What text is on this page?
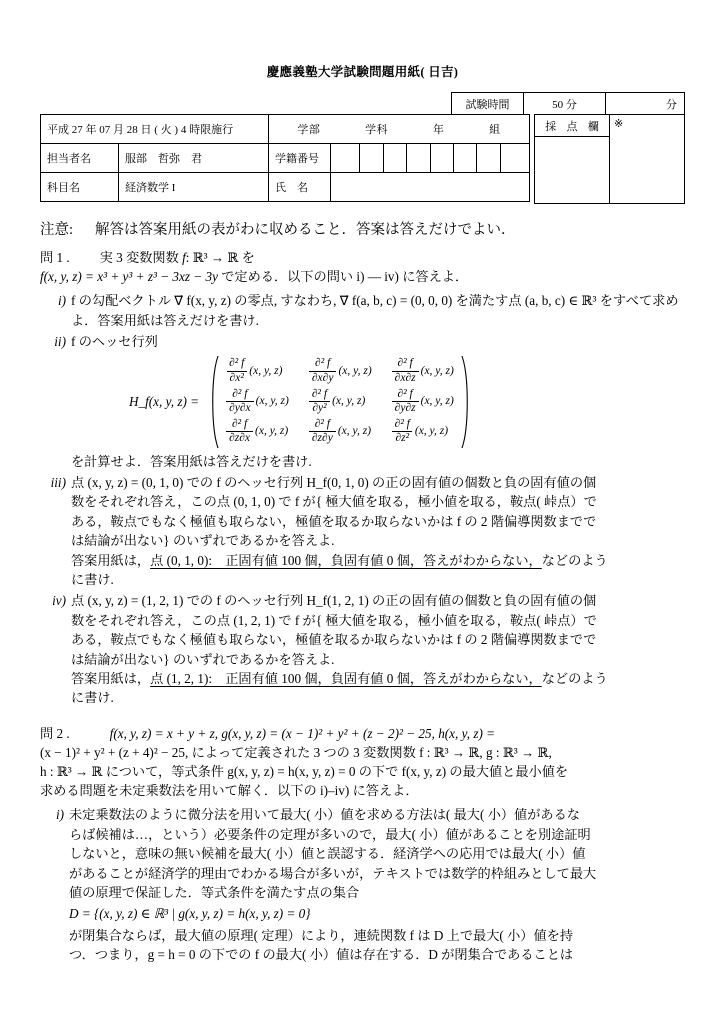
慶應義塾大学試験問題用紙( 日吉)
試験時間	50 分	分
平成 27 年 07 月 28 日 ( 火 ) 4 時限施行		学部 学科 年 組	

担当者名	服部　哲弥　君	学籍番号	

科目名	経済数学 I	氏　名	
採 点 欄	※
注意: 解答は答案用紙の表がわに収めること．答案は答えだけでよい．
問 1 . 実 3 変数関数 f: ℝ³ → ℝ を
f(x, y, z) = x³ + y³ + z³ − 3xz − 3y で定める．以下の問い i) — iv) に答えよ．
i) f の勾配ベクトル ∇⃗ f(x, y, z) の零点, すなわち, ∇⃗ f(a, b, c) = (0, 0, 0) を満たす点 (a, b, c) ∈ ℝ³ をすべて求めよ．答案用紙は答えだけを書け.
ii) f のヘッセ行列
H_f(x, y, z) =
$\frac{\text{∂² f}}{\text{∂x²}} (x$, y, $z) \frac{\text{∂² f}}{\partial x\partial y} (x$, y, $z) \frac{\text{∂² f}}{\partial x\partial z} (x$, y, z)
$\frac{\text{∂² f}}{\partial y\partial x} (x$, y, $z) \frac{\text{∂² f}}{\text{∂y²}} (x$, y, $z) \frac{\text{∂² f}}{\partial y\partial z} (x$, y, z)
$\frac{\text{∂² f}}{\partial z\partial x} (x$, y, $z) \frac{\text{∂² f}}{\partial z\partial y} (x$, y, $z) \frac{\text{∂² f}}{\text{∂z²}} (x$, y, z)
を計算せよ．答案用紙は答えだけを書け.
iii) 点 (x, y, z) = (0, 1, 0) での f のヘッセ行列 H_f(0, 1, 0) の正の固有値の個数と負の固有値の個
数をそれぞれ答え，この点 (0, 1, 0) で f が{ 極大値を取る，極小値を取る，鞍点( 峠点）で
ある，鞍点でもなく極値も取らない，極値を取るか取らないかは f の 2 階偏導関数までで
は結論が出ない} のいずれであるかを答えよ.
答案用紙は，点 (0, 1, 0):　正固有値 100 個，負固有値 0 個，答えがわからない，などのよう
に書け.
iv) 点 (x, y, z) = (1, 2, 1) での f のヘッセ行列 H_f(1, 2, 1) の正の固有値の個数と負の固有値の個
数をそれぞれ答え，この点 (1, 2, 1) で f が{ 極大値を取る，極小値を取る，鞍点( 峠点）で
ある，鞍点でもなく極値も取らない，極値を取るか取らないかは f の 2 階偏導関数までで
は結論が出ない} のいずれであるかを答えよ.
答案用紙は，点 (1, 2, 1):　正固有値 100 個，負固有値 0 個，答えがわからない，などのよう
に書け.
問 2 .	f(x, y, z) = x + y + z, g(x, y, z) = (x − 1)² + y² + (z − 2)² − 25, h(x, y, z) =
(x − 1)² + y² + (z + 4)² − 25, によって定義された 3 つの 3 変数関数 f : ℝ³ → ℝ, g : ℝ³ → ℝ,
h : ℝ³ → ℝ について，等式条件 g(x, y, z) = h(x, y, z) = 0 の下で f(x, y, z) の最大値と最小値を
求める問題を未定乗数法を用いて解く．以下の i)–iv) に答えよ．
i) 未定乗数法のように微分法を用いて最大( 小）値を求める方法は( 最大( 小）値があるな
らば候補は…，という）必要条件の定理が多いので，最大( 小）値があることを別途証明
しないと，意味の無い候補を最大( 小）値と誤認する．経済学への応用では最大( 小）値
があることが経済学的理由でわかる場合が多いが，テキストでは数学的枠組みとして最大
値の原理で保証した．等式条件を満たす点の集合
D = {(x, y, z) ∈ ℝ³ | g(x, y, z) = h(x, y, z) = 0}
が閉集合ならば，最大値の原理( 定理）により，連続関数 f は D 上で最大( 小）値を持
つ．つまり，g = h = 0 の下での f の最大( 小）値は存在する．D が閉集合であることは
